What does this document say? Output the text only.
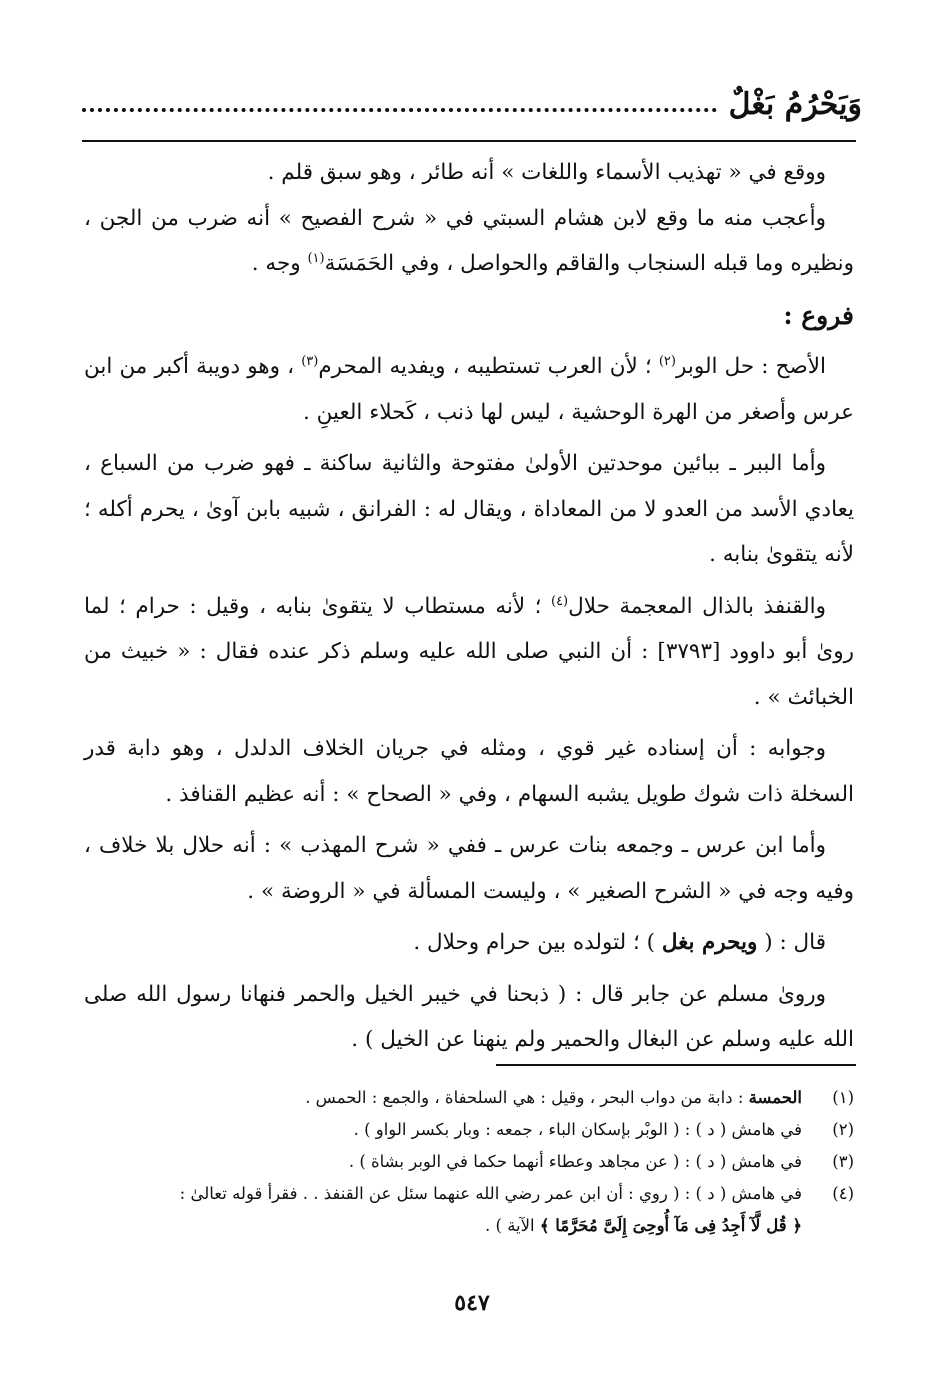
وَيَحْرُمُ بَغْلٌ

ووقع في « تهذيب الأسماء واللغات » أنه طائر ، وهو سبق قلم .

وأعجب منه ما وقع لابن هشام السبتي في « شرح الفصيح » أنه ضرب من الجن ، ونظيره وما قبله السنجاب والقاقم والحواصل ، وفي الحَمَسَة$^{(١)}$ وجه .

فروع :

الأصح : حل الوبر$^{(٢)}$ ؛ لأن العرب تستطيبه ، ويفديه المحرم$^{(٣)}$ ، وهو دويبة أكبر من ابن عرس وأصغر من الهرة الوحشية ، ليس لها ذنب ، كَحلاء العينِ .

وأما الببر ـ ببائين موحدتين الأولىٰ مفتوحة والثانية ساكنة ـ فهو ضرب من السباع ، يعادي الأسد من العدو لا من المعاداة ، ويقال له : الفرانق ، شبيه بابن آوىٰ ، يحرم أكله ؛ لأنه يتقوىٰ بنابه .

والقنفذ بالذال المعجمة حلال$^{(٤)}$ ؛ لأنه مستطاب لا يتقوىٰ بنابه ، وقيل : حرام ؛ لما روىٰ أبو داوود [٣٧٩٣] : أن النبي صلى الله عليه وسلم ذكر عنده فقال : « خبيث من الخبائث » .

وجوابه : أن إسناده غير قوي ، ومثله في جريان الخلاف الدلدل ، وهو دابة قدر السخلة ذات شوك طويل يشبه السهام ، وفي « الصحاح » : أنه عظيم القنافذ .

وأما ابن عرس ـ وجمعه بنات عرس ـ ففي « شرح المهذب » : أنه حلال بلا خلاف ، وفيه وجه في « الشرح الصغير » ، وليست المسألة في « الروضة » .

قال : ( ويحرم بغل ) ؛ لتولده بين حرام وحلال .

وروىٰ مسلم عن جابر قال : ( ذبحنا في خيبر الخيل والحمر فنهانا رسول الله صلى الله عليه وسلم عن البغال والحمير ولم ينهنا عن الخيل ) .

(١)
الحمسة : دابة من دواب البحر ، وقيل : هي السلحفاة ، والجمع : الحمس .
(٢)
في هامش ( د ) : ( الوبْر بإسكان الباء ، جمعه : وبار بكسر الواو ) .
(٣)
في هامش ( د ) : ( عن مجاهد وعطاء أنهما حكما في الوبر بشاة ) .
(٤)
في هامش ( د ) : ( روي : أن ابن عمر رضي الله عنهما سئل عن القنفذ . . فقرأ قوله تعالىٰ :
﴿ قُل لَّآ أَجِدُ فِى مَآ أُوحِىَ إِلَىَّ مُحَرَّمًا ﴾ الآية ) .
٥٤٧
